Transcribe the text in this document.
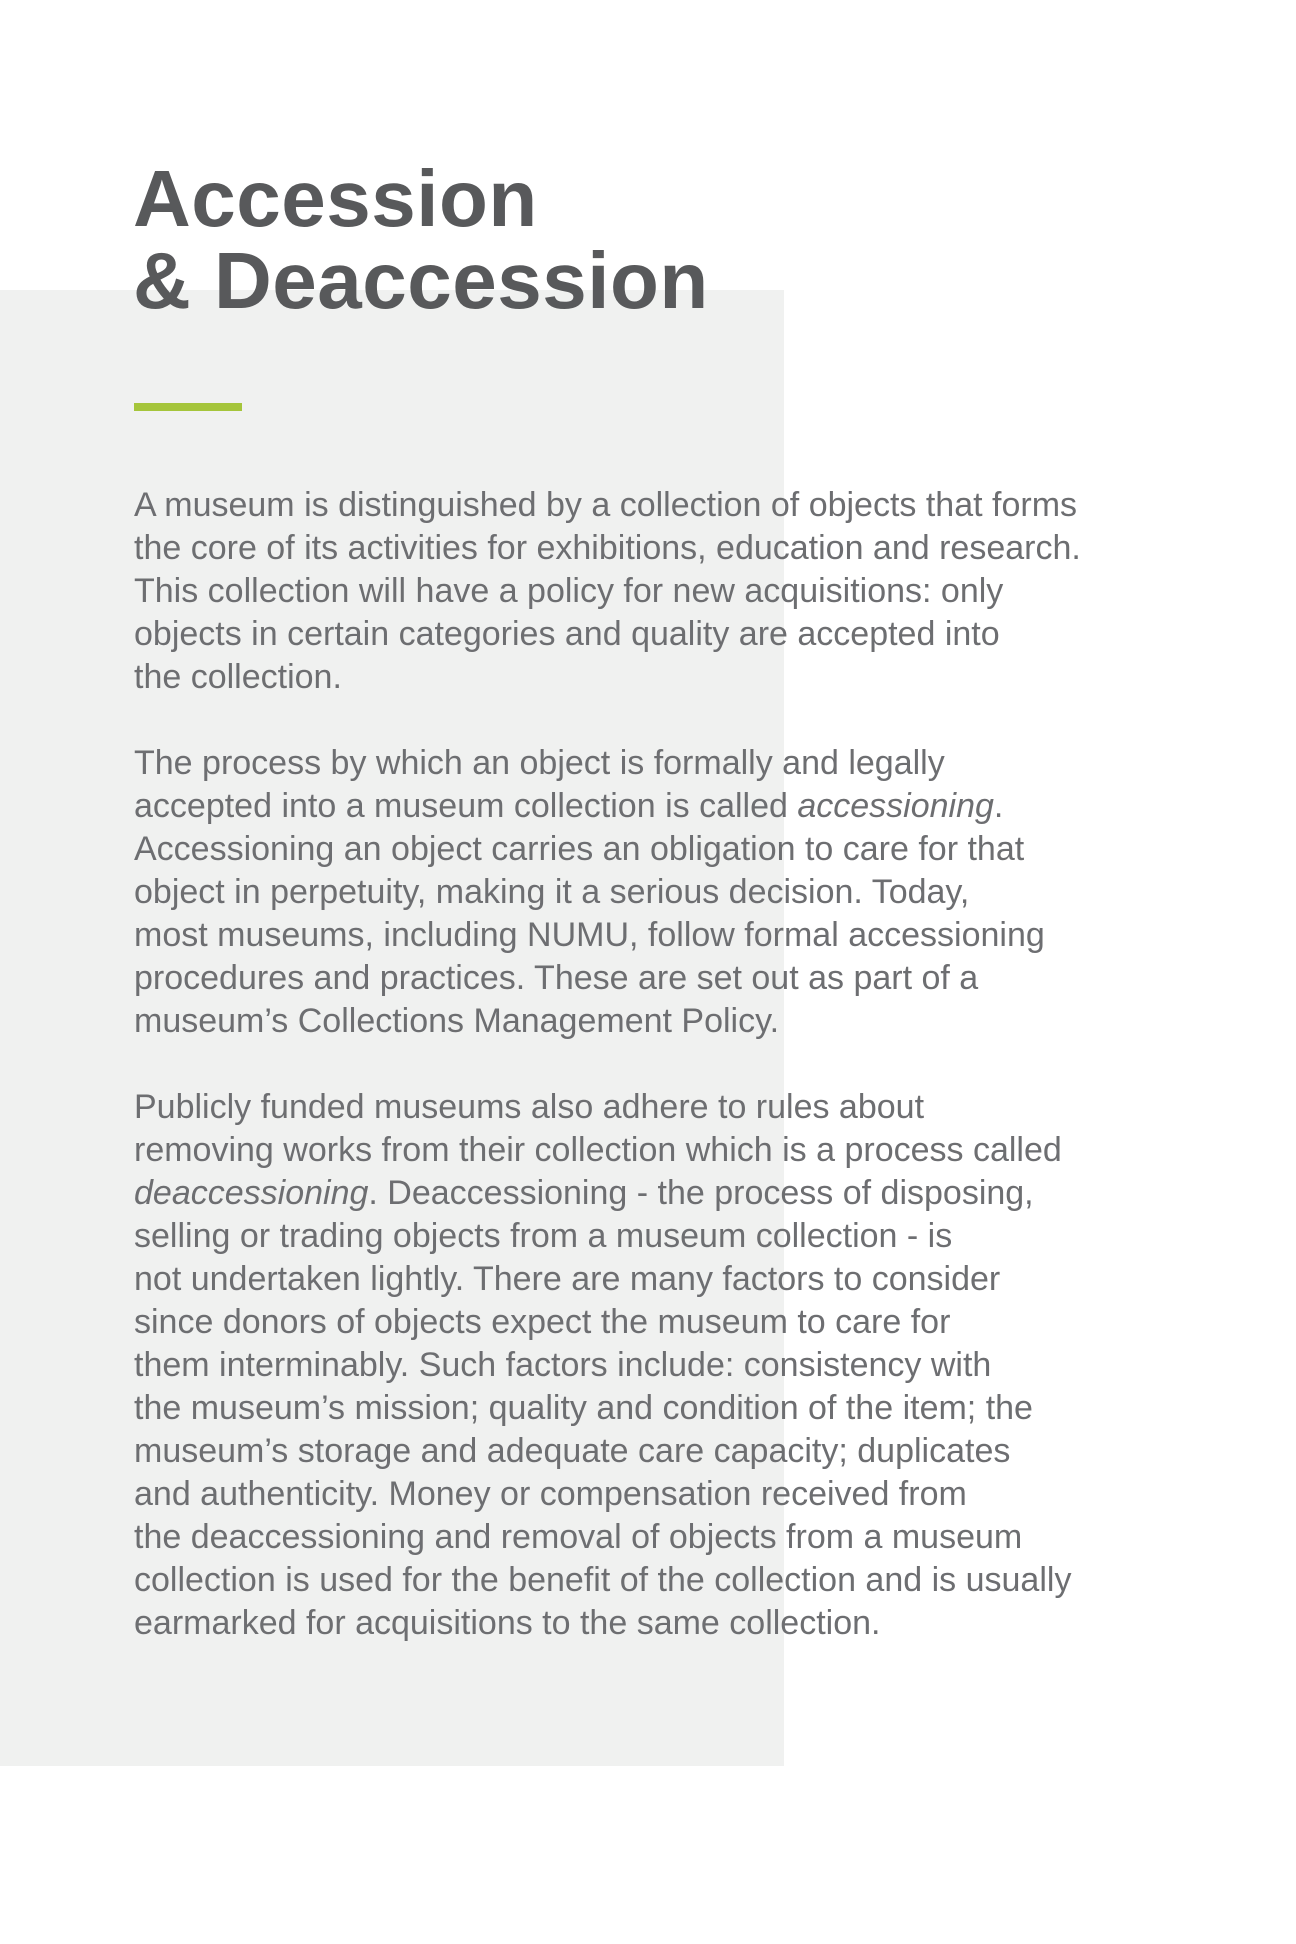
Accession
& Deaccession

A museum is distinguished by a collection of objects that forms
the core of its activities for exhibitions, education and research.
This collection will have a policy for new acquisitions: only
objects in certain categories and quality are accepted into
the collection.

The process by which an object is formally and legally
accepted into a museum collection is called accessioning.
Accessioning an object carries an obligation to care for that
object in perpetuity, making it a serious decision. Today,
most museums, including NUMU, follow formal accessioning
procedures and practices. These are set out as part of a
museum’s Collections Management Policy.

Publicly funded museums also adhere to rules about
removing works from their collection which is a process called
deaccessioning. Deaccessioning - the process of disposing,
selling or trading objects from a museum collection - is
not undertaken lightly. There are many factors to consider
since donors of objects expect the museum to care for
them interminably. Such factors include: consistency with
the museum’s mission; quality and condition of the item; the
museum’s storage and adequate care capacity; duplicates
and authenticity. Money or compensation received from
the deaccessioning and removal of objects from a museum
collection is used for the benefit of the collection and is usually
earmarked for acquisitions to the same collection.
